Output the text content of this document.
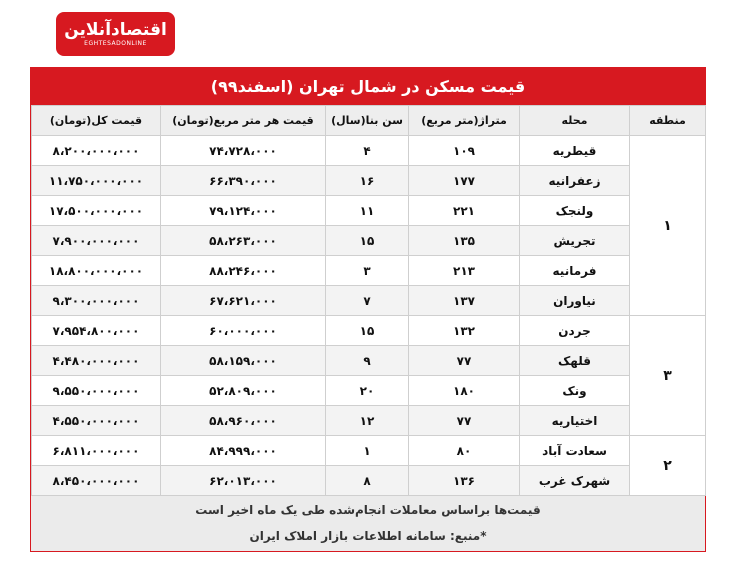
اقتصادآنلاین
EGHTESADONLINE
قیمت مسکن در شمال تهران (اسفند۹۹)
منطقه	محله	متراژ(متر مربع)	سن بنا(سال)	قیمت هر متر مربع(تومان)	قیمت کل(تومان)
۱	قیطریه	۱۰۹	۴	۷۴،۷۲۸،۰۰۰	۸،۲۰۰،۰۰۰،۰۰۰
	زعفرانیه	۱۷۷	۱۶	۶۶،۳۹۰،۰۰۰	۱۱،۷۵۰،۰۰۰،۰۰۰
	ولنجک	۲۲۱	۱۱	۷۹،۱۲۴،۰۰۰	۱۷،۵۰۰،۰۰۰،۰۰۰
	تجریش	۱۳۵	۱۵	۵۸،۲۶۳،۰۰۰	۷،۹۰۰،۰۰۰،۰۰۰
	فرمانیه	۲۱۳	۳	۸۸،۲۴۶،۰۰۰	۱۸،۸۰۰،۰۰۰،۰۰۰
	نیاوران	۱۳۷	۷	۶۷،۶۲۱،۰۰۰	۹،۳۰۰،۰۰۰،۰۰۰
۳	جردن	۱۳۲	۱۵	۶۰،۰۰۰،۰۰۰	۷،۹۵۴،۸۰۰،۰۰۰
	قلهک	۷۷	۹	۵۸،۱۵۹،۰۰۰	۴،۴۸۰،۰۰۰،۰۰۰
	ونک	۱۸۰	۲۰	۵۲،۸۰۹،۰۰۰	۹،۵۵۰،۰۰۰،۰۰۰
	اختیاریه	۷۷	۱۲	۵۸،۹۶۰،۰۰۰	۴،۵۵۰،۰۰۰،۰۰۰
۲	سعادت آباد	۸۰	۱	۸۴،۹۹۹،۰۰۰	۶،۸۱۱،۰۰۰،۰۰۰
	شهرک غرب	۱۳۶	۸	۶۲،۰۱۳،۰۰۰	۸،۴۵۰،۰۰۰،۰۰۰
قیمت‌ها براساس معاملات انجام‌شده طی یک ماه اخیر است
*منبع: سامانه اطلاعات بازار املاک ایران
